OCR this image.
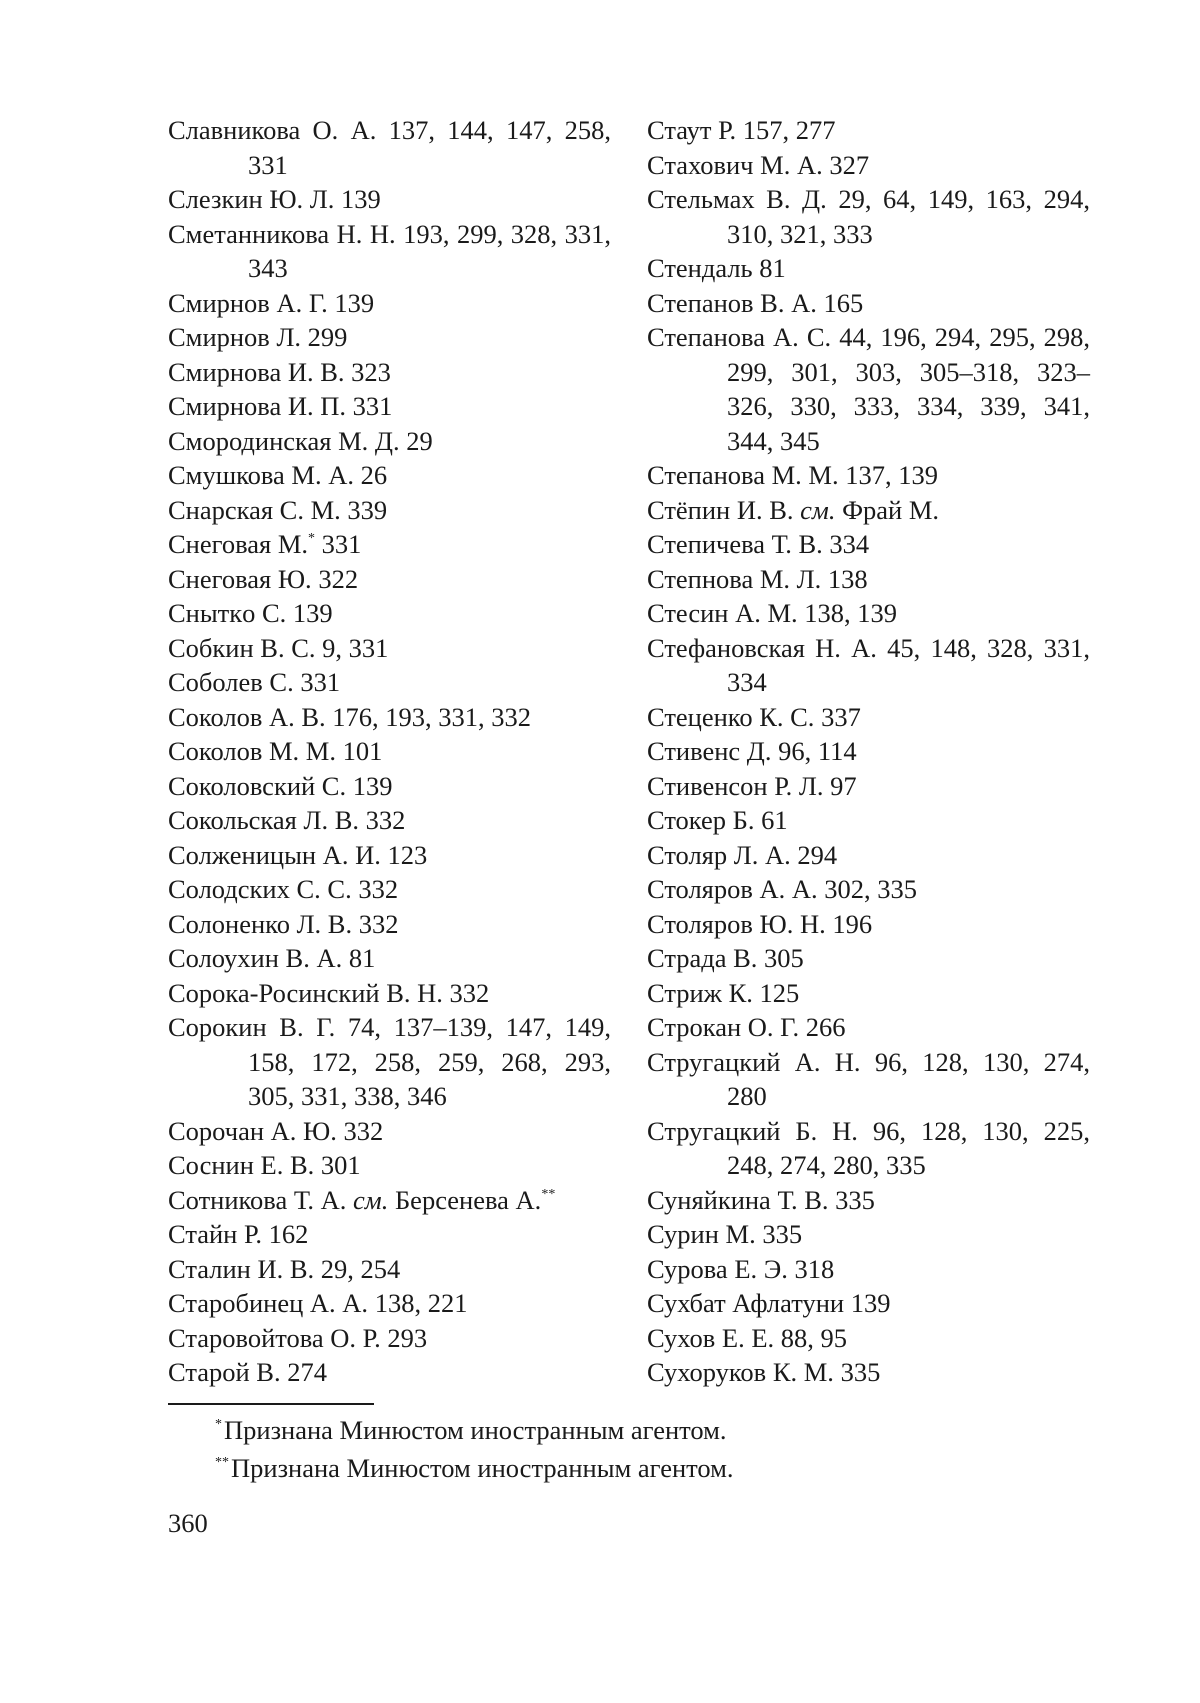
Славникова О. А. 137, 144, 147, 258, 331
Слезкин Ю. Л. 139
Сметанникова Н. Н. 193, 299, 328, 331, 343
Смирнов А. Г. 139
Смирнов Л. 299
Смирнова И. В. 323
Смирнова И. П. 331
Смородинская М. Д. 29
Смушкова М. А. 26
Снарская С. М. 339
Снеговая М.* 331
Снеговая Ю. 322
Сныткo С. 139
Собкин В. С. 9, 331
Соболев С. 331
Соколов А. В. 176, 193, 331, 332
Соколов М. М. 101
Соколовский С. 139
Сокольская Л. В. 332
Солженицын А. И. 123
Солодских С. С. 332
Солоненко Л. В. 332
Солоухин В. А. 81
Сорока-Росинский В. Н. 332
Сорокин В. Г. 74, 137–139, 147, 149, 158, 172, 258, 259, 268, 293, 305, 331, 338, 346
Сорочан А. Ю. 332
Соснин Е. В. 301
Сотникова Т. А. см. Берсенева А.**
Стайн Р. 162
Сталин И. В. 29, 254
Старобинец А. А. 138, 221
Старовойтова О. Р. 293
Старой В. 274
Стаут Р. 157, 277
Стахович М. А. 327
Стельмах В. Д. 29, 64, 149, 163, 294, 310, 321, 333
Стендаль 81
Степанов В. А. 165
Степанова А. С. 44, 196, 294, 295, 298, 299, 301, 303, 305–318, 323–326, 330, 333, 334, 339, 341, 344, 345
Степанова М. М. 137, 139
Стёпин И. В. см. Фрай М.
Степичева Т. В. 334
Степнова М. Л. 138
Стесин А. М. 138, 139
Стефановская Н. А. 45, 148, 328, 331, 334
Стеценко К. С. 337
Стивенс Д. 96, 114
Стивенсон Р. Л. 97
Стокер Б. 61
Столяр Л. А. 294
Столяров А. А. 302, 335
Столяров Ю. Н. 196
Страда В. 305
Стриж К. 125
Строкан О. Г. 266
Стругацкий А. Н. 96, 128, 130, 274, 280
Стругацкий Б. Н. 96, 128, 130, 225, 248, 274, 280, 335
Суняйкина Т. В. 335
Сурин М. 335
Сурова Е. Э. 318
Сухбат Афлатуни 139
Сухов Е. Е. 88, 95
Сухоруков К. М. 335
*Признана Минюстом иностранным агентом.
**Признана Минюстом иностранным агентом.
360
